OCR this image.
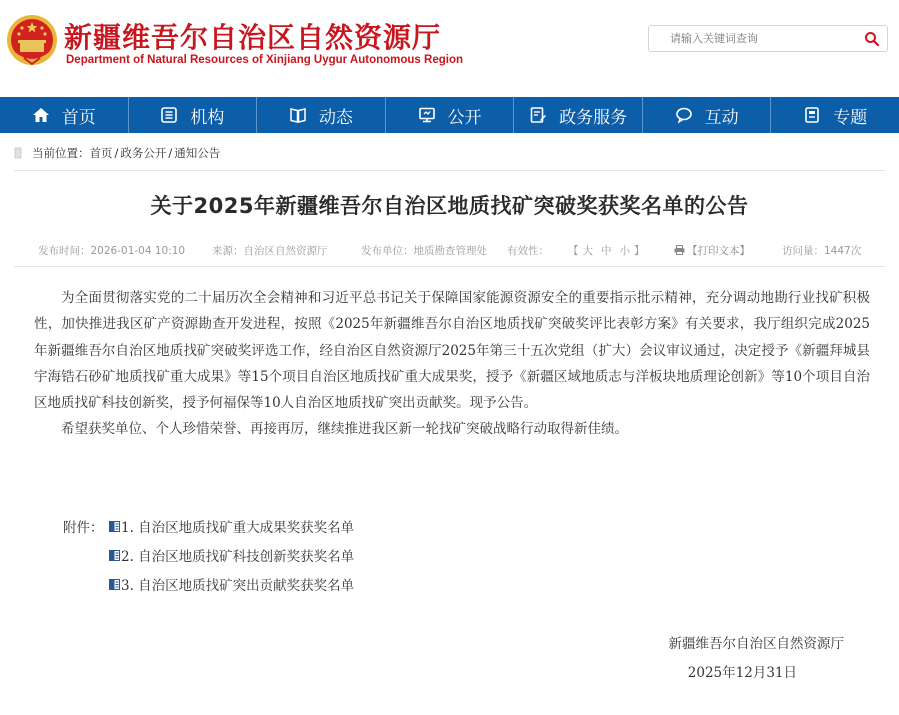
新疆维吾尔自治区自然资源厅
Department of Natural Resources of Xinjiang Uygur Autonomous Region
请输入关键词查询
首页	机构	动态	公开	政务服务	互动	专题
当前位置： 首页 / 政务公开 / 通知公告
关于2025年新疆维吾尔自治区地质找矿突破奖获奖名单的公告
发布时间：2026-01-04 10:10	来源：自治区自然资源厅	发布单位：地质勘查管理处 有效性： 【 大 中 小 】	【打印文本】	访问量：1447次

为全面贯彻落实党的二十届历次全会精神和习近平总书记关于保障国家能源资源安全的重要指示批示精神，充分调动地勘行业找矿积极性，加快推进我区矿产资源勘查开发进程，按照《2025年新疆维吾尔自治区地质找矿突破奖评比表彰方案》有关要求，我厅组织完成2025年新疆维吾尔自治区地质找矿突破奖评选工作，经自治区自然资源厅2025年第三十五次党组（扩大）会议审议通过，决定授予《新疆拜城县宇海锆石砂矿地质找矿重大成果》等15个项目自治区地质找矿重大成果奖，授予《新疆区域地质志与洋板块地质理论创新》等10个项目自治区地质找矿科技创新奖，授予何福保等10人自治区地质找矿突出贡献奖。现予公告。

希望获奖单位、个人珍惜荣誉、再接再厉，继续推进我区新一轮找矿突破战略行动取得新佳绩。

附件： 1. 自治区地质找矿重大成果奖获奖名单
2. 自治区地质找矿科技创新奖获奖名单
3. 自治区地质找矿突出贡献奖获奖名单
新疆维吾尔自治区自然资源厅
2025年12月31日
